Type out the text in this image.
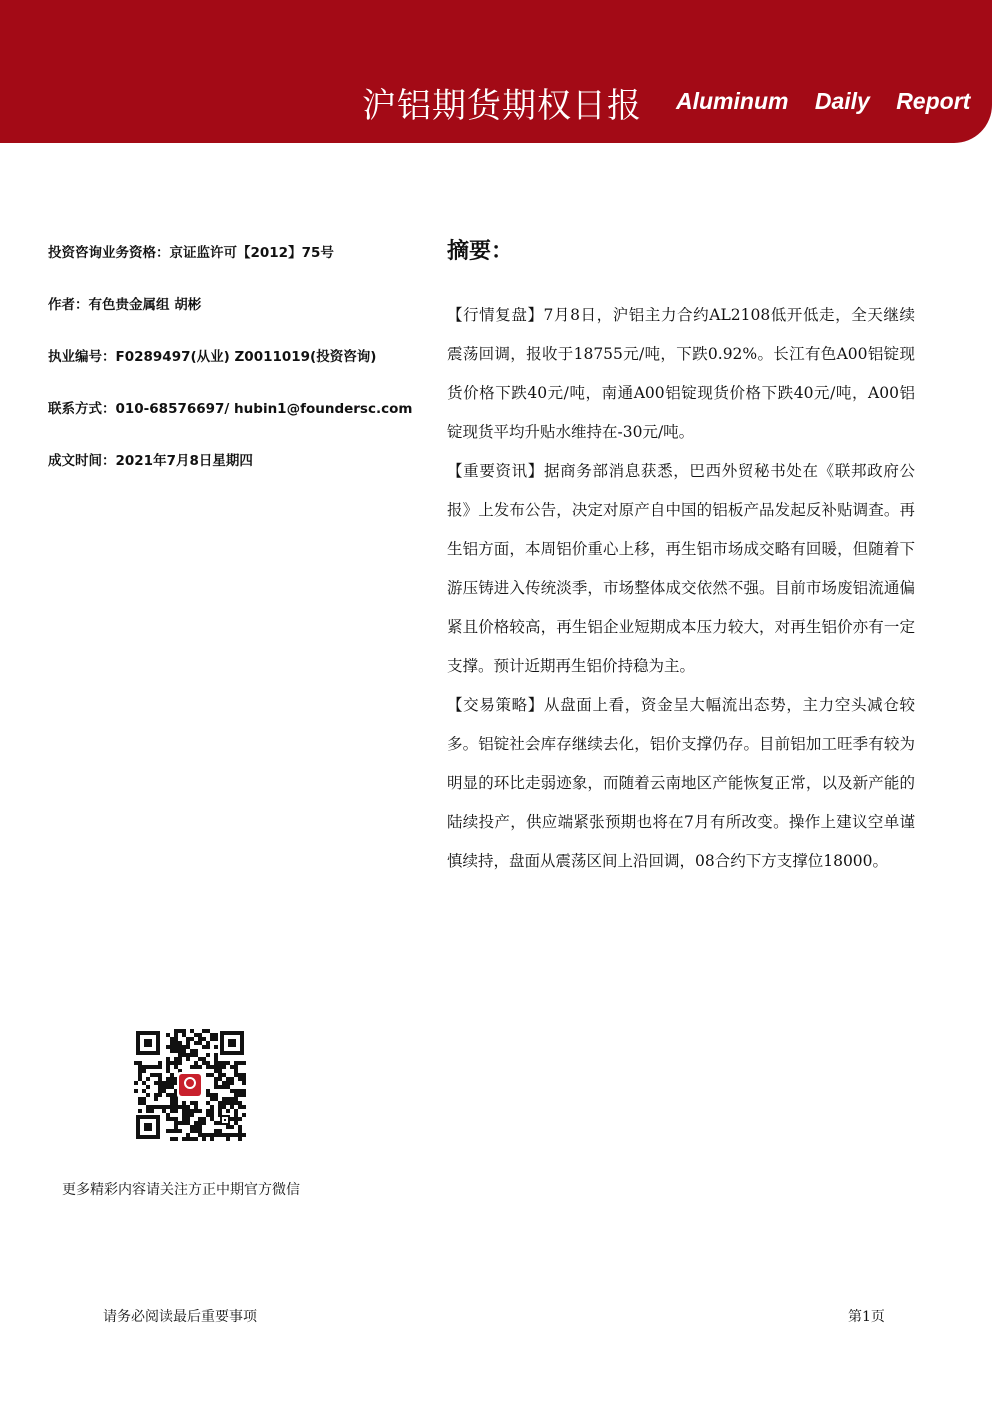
沪铝期货期权日报 Aluminum Daily Report
投资咨询业务资格：京证监许可【2012】75号
作者：有色贵金属组 胡彬
执业编号：F0289497(从业) Z0011019(投资咨询)
联系方式：010-68576697/ hubin1@foundersc.com
成文时间：2021年7月8日星期四
摘要：

【行情复盘】7月8日，沪铝主力合约AL2108低开低走，全天继续震荡回调，报收于18755元/吨，下跌0.92%。长江有色A00铝锭现货价格下跌40元/吨，南通A00铝锭现货价格下跌40元/吨，A00铝锭现货平均升贴水维持在-30元/吨。

【重要资讯】据商务部消息获悉，巴西外贸秘书处在《联邦政府公报》上发布公告，决定对原产自中国的铝板产品发起反补贴调查。再生铝方面，本周铝价重心上移，再生铝市场成交略有回暖，但随着下游压铸进入传统淡季，市场整体成交依然不强。目前市场废铝流通偏紧且价格较高，再生铝企业短期成本压力较大，对再生铝价亦有一定支撑。预计近期再生铝价持稳为主。

【交易策略】从盘面上看，资金呈大幅流出态势，主力空头减仓较多。铝锭社会库存继续去化，铝价支撑仍存。目前铝加工旺季有较为明显的环比走弱迹象，而随着云南地区产能恢复正常，以及新产能的陆续投产，供应端紧张预期也将在7月有所改变。操作上建议空单谨慎续持，盘面从震荡区间上沿回调，08合约下方支撑位18000。

更多精彩内容请关注方正中期官方微信
请务必阅读最后重要事项	第1页
